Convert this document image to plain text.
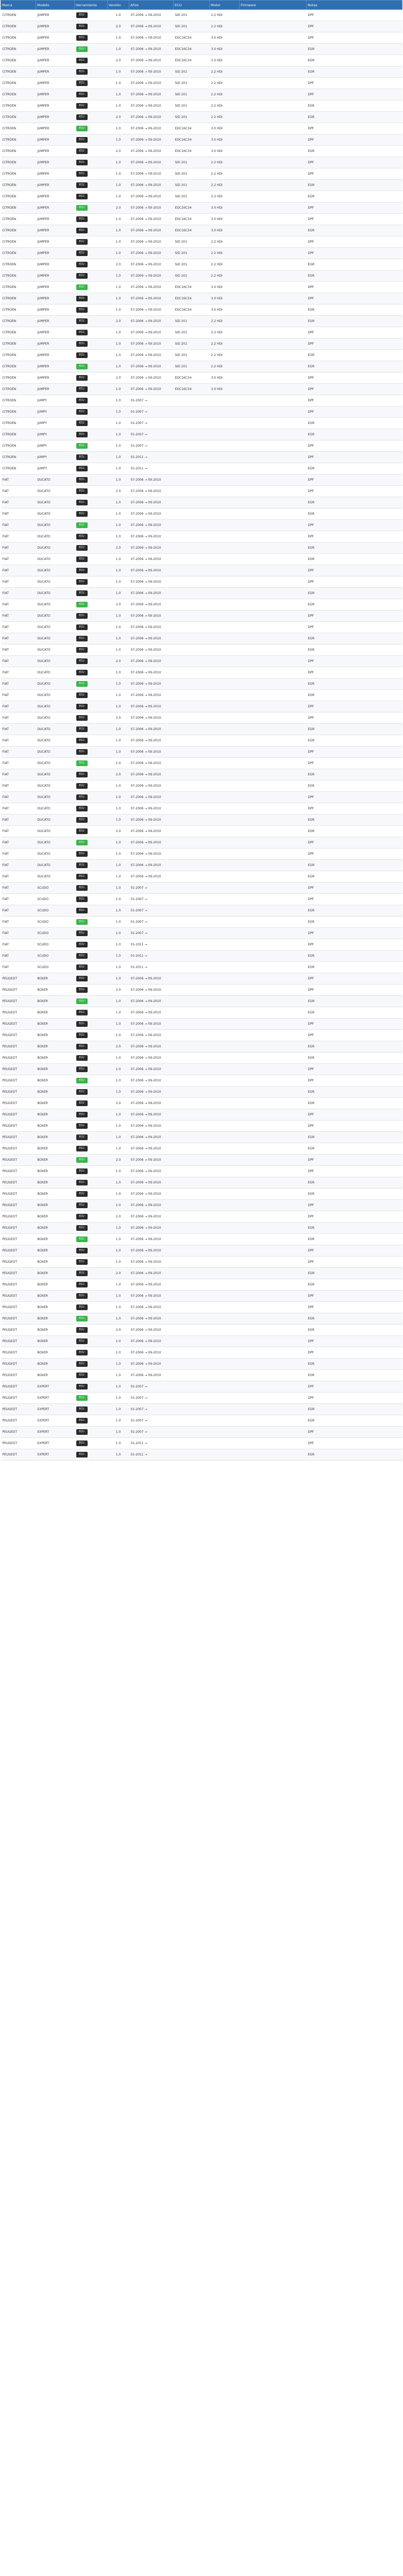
Marca	Modelo	Herramienta	Versión	Años	ECU	Motor	Firmware	Notas
CITROEN	JUMPER	ECU	1.0	07-2006 → 09-2010	SID 201	2.2 HDi		DPF
CITROEN	JUMPER	ECU	2.0	07-2006 → 09-2010	SID 201	2.2 HDi		DPF
CITROEN	JUMPER	ECU	1.0	07-2006 → 09-2010	EDC16C34	3.0 HDi		DPF
CITROEN	JUMPER	ECU	1.0	07-2006 → 09-2010	EDC16C34	3.0 HDi		EGR
CITROEN	JUMPER	ECU	2.0	07-2006 → 09-2010	EDC16C34	3.0 HDi		EGR
CITROEN	JUMPER	ECU	1.0	07-2006 → 09-2010	SID 201	2.2 HDi		EGR
CITROEN	JUMPER	ECU	1.0	07-2006 → 09-2010	SID 201	2.2 HDi		DPF
CITROEN	JUMPER	ECU	1.0	07-2006 → 09-2010	SID 201	2.2 HDi		DPF
CITROEN	JUMPER	ECU	1.0	07-2006 → 09-2010	SID 201	2.2 HDi		EGR
CITROEN	JUMPER	ECU	2.0	07-2006 → 09-2010	SID 201	2.2 HDi		EGR
CITROEN	JUMPER	ECU	1.0	07-2006 → 09-2010	EDC16C34	3.0 HDi		DPF
CITROEN	JUMPER	ECU	1.0	07-2006 → 09-2010	EDC16C34	3.0 HDi		DPF
CITROEN	JUMPER	ECU	2.0	07-2006 → 09-2010	EDC16C34	3.0 HDi		EGR
CITROEN	JUMPER	ECU	1.0	07-2006 → 09-2010	SID 201	2.2 HDi		DPF
CITROEN	JUMPER	ECU	1.0	07-2006 → 09-2010	SID 201	2.2 HDi		DPF
CITROEN	JUMPER	ECU	1.0	07-2006 → 09-2010	SID 201	2.2 HDi		EGR
CITROEN	JUMPER	ECU	1.0	07-2006 → 09-2010	SID 201	2.2 HDi		EGR
CITROEN	JUMPER	ECU	2.0	07-2006 → 09-2010	EDC16C34	3.0 HDi		DPF
CITROEN	JUMPER	ECU	1.0	07-2006 → 09-2010	EDC16C34	3.0 HDi		DPF
CITROEN	JUMPER	ECU	1.0	07-2006 → 09-2010	EDC16C34	3.0 HDi		EGR
CITROEN	JUMPER	ECU	1.0	07-2006 → 09-2010	SID 201	2.2 HDi		DPF
CITROEN	JUMPER	ECU	1.0	07-2006 → 09-2010	SID 201	2.2 HDi		DPF
CITROEN	JUMPER	ECU	2.0	07-2006 → 09-2010	SID 201	2.2 HDi		EGR
CITROEN	JUMPER	ECU	1.0	07-2006 → 09-2010	SID 201	2.2 HDi		EGR
CITROEN	JUMPER	ECU	1.0	07-2006 → 09-2010	EDC16C34	3.0 HDi		DPF
CITROEN	JUMPER	ECU	1.0	07-2006 → 09-2010	EDC16C34	3.0 HDi		DPF
CITROEN	JUMPER	ECU	1.0	07-2006 → 09-2010	EDC16C34	3.0 HDi		EGR
CITROEN	JUMPER	ECU	2.0	07-2006 → 09-2010	SID 201	2.2 HDi		EGR
CITROEN	JUMPER	ECU	1.0	07-2006 → 09-2010	SID 201	2.2 HDi		DPF
CITROEN	JUMPER	ECU	1.0	07-2006 → 09-2010	SID 201	2.2 HDi		DPF
CITROEN	JUMPER	ECU	1.0	07-2006 → 09-2010	SID 201	2.2 HDi		EGR
CITROEN	JUMPER	ECU	1.0	07-2006 → 09-2010	SID 201	2.2 HDi		EGR
CITROEN	JUMPER	ECU	2.0	07-2006 → 09-2010	EDC16C34	3.0 HDi		DPF
CITROEN	JUMPER	ECU	1.0	07-2006 → 09-2010	EDC16C34	3.0 HDi		DPF
CITROEN	JUMPY	ECU	1.0	01-2007 →				DPF
CITROEN	JUMPY	ECU	1.0	01-2007 →				DPF
CITROEN	JUMPY	ECU	1.0	01-2007 →				EGR
CITROEN	JUMPY	ECU	1.0	01-2007 →				EGR
CITROEN	JUMPY	ECU	1.0	01-2007 →				DPF
CITROEN	JUMPY	ECU	1.0	01-2011 →				DPF
CITROEN	JUMPY	ECU	1.0	01-2011 →				EGR
FIAT	DUCATO	ECU	1.0	07-2006 → 09-2010				DPF
FIAT	DUCATO	ECU	2.0	07-2006 → 09-2010				DPF
FIAT	DUCATO	ECU	1.0	07-2006 → 09-2010				EGR
FIAT	DUCATO	ECU	1.0	07-2006 → 09-2010				EGR
FIAT	DUCATO	ECU	1.0	07-2006 → 09-2010				DPF
FIAT	DUCATO	ECU	1.0	07-2006 → 09-2010				DPF
FIAT	DUCATO	ECU	2.0	07-2006 → 09-2010				EGR
FIAT	DUCATO	ECU	1.0	07-2006 → 09-2010				EGR
FIAT	DUCATO	ECU	1.0	07-2006 → 09-2010				DPF
FIAT	DUCATO	ECU	1.0	07-2006 → 09-2010				DPF
FIAT	DUCATO	ECU	1.0	07-2006 → 09-2010				EGR
FIAT	DUCATO	ECU	2.0	07-2006 → 09-2010				EGR
FIAT	DUCATO	ECU	1.0	07-2006 → 09-2010				DPF
FIAT	DUCATO	ECU	1.0	07-2006 → 09-2010				DPF
FIAT	DUCATO	ECU	1.0	07-2006 → 09-2010				EGR
FIAT	DUCATO	ECU	1.0	07-2006 → 09-2010				EGR
FIAT	DUCATO	ECU	2.0	07-2006 → 09-2010				DPF
FIAT	DUCATO	ECU	1.0	07-2006 → 09-2010				DPF
FIAT	DUCATO	ECU	1.0	07-2006 → 09-2010				EGR
FIAT	DUCATO	ECU	1.0	07-2006 → 09-2010				EGR
FIAT	DUCATO	ECU	1.0	07-2006 → 09-2010				DPF
FIAT	DUCATO	ECU	2.0	07-2006 → 09-2010				DPF
FIAT	DUCATO	ECU	1.0	07-2006 → 09-2010				EGR
FIAT	DUCATO	ECU	1.0	07-2006 → 09-2010				EGR
FIAT	DUCATO	ECU	1.0	07-2006 → 09-2010				DPF
FIAT	DUCATO	ECU	1.0	07-2006 → 09-2010				DPF
FIAT	DUCATO	ECU	2.0	07-2006 → 09-2010				EGR
FIAT	DUCATO	ECU	1.0	07-2006 → 09-2010				EGR
FIAT	DUCATO	ECU	1.0	07-2006 → 09-2010				DPF
FIAT	DUCATO	ECU	1.0	07-2006 → 09-2010				DPF
FIAT	DUCATO	ECU	1.0	07-2006 → 09-2010				EGR
FIAT	DUCATO	ECU	2.0	07-2006 → 09-2010				EGR
FIAT	DUCATO	ECU	1.0	07-2006 → 09-2010				DPF
FIAT	DUCATO	ECU	1.0	07-2006 → 09-2010				DPF
FIAT	DUCATO	ECU	1.0	07-2006 → 09-2010				EGR
FIAT	DUCATO	ECU	1.0	07-2006 → 09-2010				EGR
FIAT	SCUDO	ECU	1.0	01-2007 →				DPF
FIAT	SCUDO	ECU	1.0	01-2007 →				DPF
FIAT	SCUDO	ECU	1.0	01-2007 →				EGR
FIAT	SCUDO	ECU	1.0	01-2007 →				EGR
FIAT	SCUDO	ECU	1.0	01-2007 →				DPF
FIAT	SCUDO	ECU	1.0	01-2011 →				DPF
FIAT	SCUDO	ECU	1.0	01-2011 →				EGR
FIAT	SCUDO	ECU	1.0	01-2011 →				EGR
PEUGEOT	BOXER	ECU	1.0	07-2006 → 09-2010				DPF
PEUGEOT	BOXER	ECU	2.0	07-2006 → 09-2010				DPF
PEUGEOT	BOXER	ECU	1.0	07-2006 → 09-2010				EGR
PEUGEOT	BOXER	ECU	1.0	07-2006 → 09-2010				EGR
PEUGEOT	BOXER	ECU	1.0	07-2006 → 09-2010				DPF
PEUGEOT	BOXER	ECU	1.0	07-2006 → 09-2010				DPF
PEUGEOT	BOXER	ECU	2.0	07-2006 → 09-2010				EGR
PEUGEOT	BOXER	ECU	1.0	07-2006 → 09-2010				EGR
PEUGEOT	BOXER	ECU	1.0	07-2006 → 09-2010				DPF
PEUGEOT	BOXER	ECU	1.0	07-2006 → 09-2010				DPF
PEUGEOT	BOXER	ECU	1.0	07-2006 → 09-2010				EGR
PEUGEOT	BOXER	ECU	2.0	07-2006 → 09-2010				EGR
PEUGEOT	BOXER	ECU	1.0	07-2006 → 09-2010				DPF
PEUGEOT	BOXER	ECU	1.0	07-2006 → 09-2010				DPF
PEUGEOT	BOXER	ECU	1.0	07-2006 → 09-2010				EGR
PEUGEOT	BOXER	ECU	1.0	07-2006 → 09-2010				EGR
PEUGEOT	BOXER	ECU	2.0	07-2006 → 09-2010				DPF
PEUGEOT	BOXER	ECU	1.0	07-2006 → 09-2010				DPF
PEUGEOT	BOXER	ECU	1.0	07-2006 → 09-2010				EGR
PEUGEOT	BOXER	ECU	1.0	07-2006 → 09-2010				EGR
PEUGEOT	BOXER	ECU	1.0	07-2006 → 09-2010				DPF
PEUGEOT	BOXER	ECU	2.0	07-2006 → 09-2010				DPF
PEUGEOT	BOXER	ECU	1.0	07-2006 → 09-2010				EGR
PEUGEOT	BOXER	ECU	1.0	07-2006 → 09-2010				EGR
PEUGEOT	BOXER	ECU	1.0	07-2006 → 09-2010				DPF
PEUGEOT	BOXER	ECU	1.0	07-2006 → 09-2010				DPF
PEUGEOT	BOXER	ECU	2.0	07-2006 → 09-2010				EGR
PEUGEOT	BOXER	ECU	1.0	07-2006 → 09-2010				EGR
PEUGEOT	BOXER	ECU	1.0	07-2006 → 09-2010				DPF
PEUGEOT	BOXER	ECU	1.0	07-2006 → 09-2010				DPF
PEUGEOT	BOXER	ECU	1.0	07-2006 → 09-2010				EGR
PEUGEOT	BOXER	ECU	2.0	07-2006 → 09-2010				EGR
PEUGEOT	BOXER	ECU	1.0	07-2006 → 09-2010				DPF
PEUGEOT	BOXER	ECU	1.0	07-2006 → 09-2010				DPF
PEUGEOT	BOXER	ECU	1.0	07-2006 → 09-2010				EGR
PEUGEOT	BOXER	ECU	1.0	07-2006 → 09-2010				EGR
PEUGEOT	EXPERT	ECU	1.0	01-2007 →				DPF
PEUGEOT	EXPERT	ECU	1.0	01-2007 →				DPF
PEUGEOT	EXPERT	ECU	1.0	01-2007 →				EGR
PEUGEOT	EXPERT	ECU	1.0	01-2007 →				EGR
PEUGEOT	EXPERT	ECU	1.0	01-2007 →				DPF
PEUGEOT	EXPERT	ECU	1.0	01-2011 →				DPF
PEUGEOT	EXPERT	ECU	1.0	01-2011 →				EGR
